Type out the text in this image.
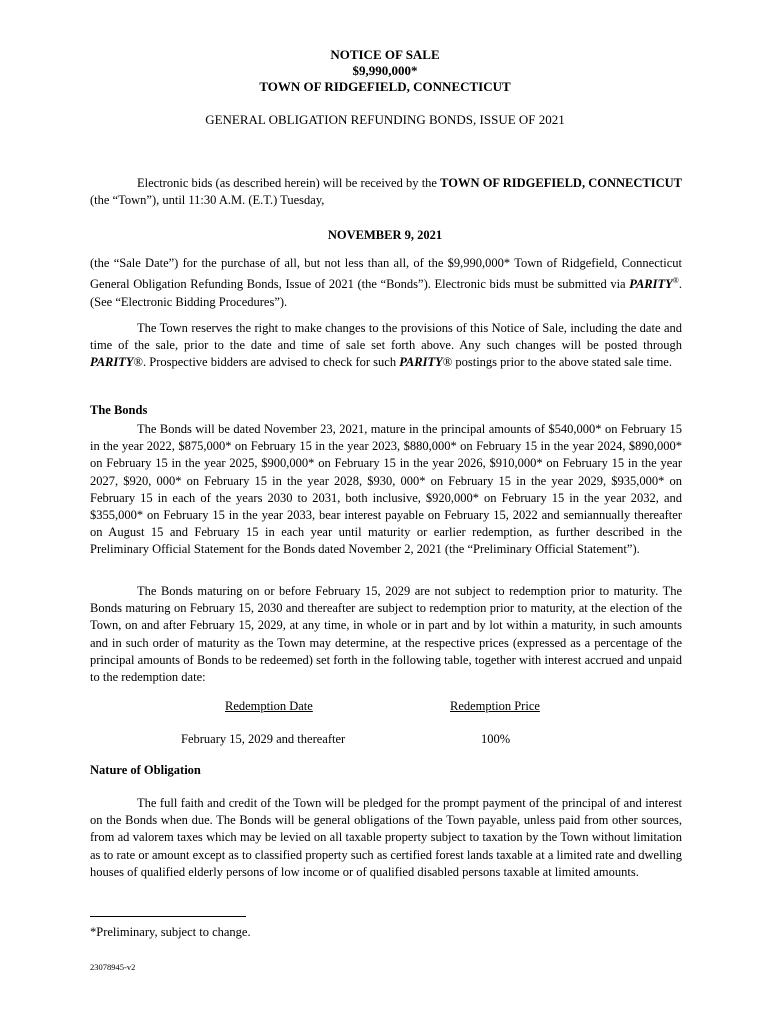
NOTICE OF SALE
$9,990,000*
TOWN OF RIDGEFIELD, CONNECTICUT
GENERAL OBLIGATION REFUNDING BONDS, ISSUE OF 2021

Electronic bids (as described herein) will be received by the TOWN OF RIDGEFIELD, CONNECTICUT (the “Town”), until 11:30 A.M. (E.T.) Tuesday,

NOVEMBER 9, 2021

(the “Sale Date”) for the purchase of all, but not less than all, of the $9,990,000* Town of Ridgefield, Connecticut General Obligation Refunding Bonds, Issue of 2021 (the “Bonds”). Electronic bids must be submitted via PARITY®. (See “Electronic Bidding Procedures”).

The Town reserves the right to make changes to the provisions of this Notice of Sale, including the date and time of the sale, prior to the date and time of sale set forth above. Any such changes will be posted through PARITY®. Prospective bidders are advised to check for such PARITY® postings prior to the above stated sale time.

The Bonds

The Bonds will be dated November 23, 2021, mature in the principal amounts of $540,000* on February 15 in the year 2022, $875,000* on February 15 in the year 2023, $880,000* on February 15 in the year 2024, $890,000* on February 15 in the year 2025, $900,000* on February 15 in the year 2026, $910,000* on February 15 in the year 2027, $920, 000* on February 15 in the year 2028, $930, 000* on February 15 in the year 2029, $935,000* on February 15 in each of the years 2030 to 2031, both inclusive, $920,000* on February 15 in the year 2032, and $355,000* on February 15 in the year 2033, bear interest payable on February 15, 2022 and semiannually thereafter on August 15 and February 15 in each year until maturity or earlier redemption, as further described in the Preliminary Official Statement for the Bonds dated November 2, 2021 (the “Preliminary Official Statement”).

The Bonds maturing on or before February 15, 2029 are not subject to redemption prior to maturity. The Bonds maturing on February 15, 2030 and thereafter are subject to redemption prior to maturity, at the election of the Town, on and after February 15, 2029, at any time, in whole or in part and by lot within a maturity, in such amounts and in such order of maturity as the Town may determine, at the respective prices (expressed as a percentage of the principal amounts of Bonds to be redeemed) set forth in the following table, together with interest accrued and unpaid to the redemption date:

Redemption Date	Redemption Price
February 15, 2029 and thereafter	100%
Nature of Obligation

The full faith and credit of the Town will be pledged for the prompt payment of the principal of and interest on the Bonds when due. The Bonds will be general obligations of the Town payable, unless paid from other sources, from ad valorem taxes which may be levied on all taxable property subject to taxation by the Town without limitation as to rate or amount except as to classified property such as certified forest lands taxable at a limited rate and dwelling houses of qualified elderly persons of low income or of qualified disabled persons taxable at limited amounts.

*Preliminary, subject to change.
23078945-v2
